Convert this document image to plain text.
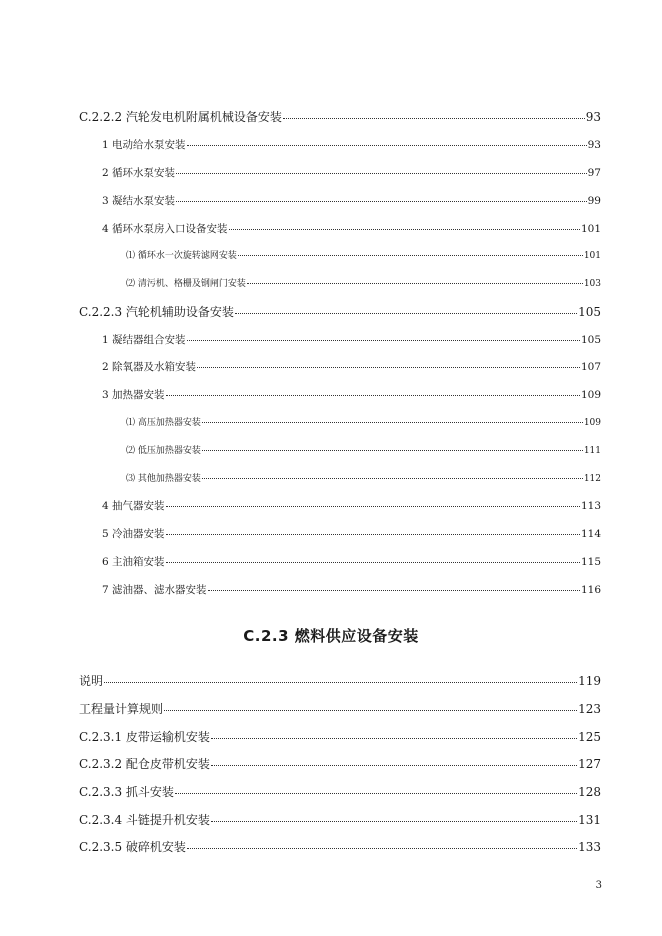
C.2.2.2 汽轮发电机附属机械设备安装	93
1 电动给水泵安装	93
2 循环水泵安装	97
3 凝结水泵安装	99
4 循环水泵房入口设备安装	101
⑴ 循环水一次旋转滤网安装	101
⑵ 清污机、格栅及钢闸门安装	103
C.2.2.3 汽轮机辅助设备安装	105
1 凝结器组合安装	105
2 除氧器及水箱安装	107
3 加热器安装	109
⑴ 高压加热器安装	109
⑵ 低压加热器安装	111
⑶ 其他加热器安装	112
4 抽气器安装	113
5 冷油器安装	114
6 主油箱安装	115
7 滤油器、滤水器安装	116
C.2.3 燃料供应设备安装
说明	119
工程量计算规则	123
C.2.3.1 皮带运输机安装	125
C.2.3.2 配仓皮带机安装	127
C.2.3.3 抓斗安装	128
C.2.3.4 斗链提升机安装	131
C.2.3.5 破碎机安装	133
3
